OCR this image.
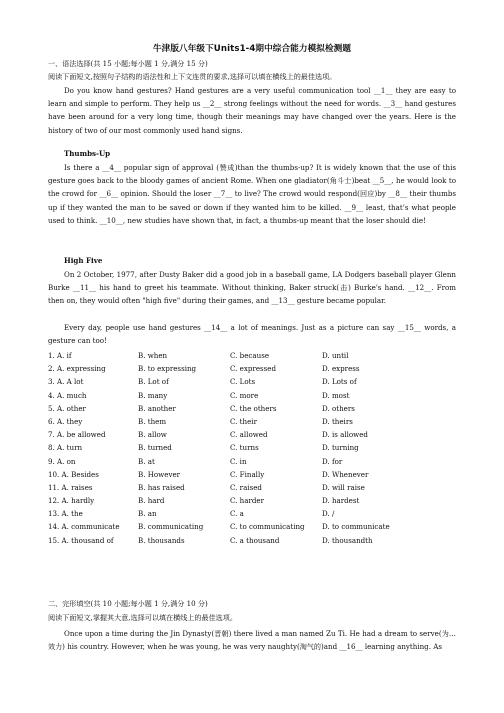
牛津版八年级下Units1-4期中综合能力模拟检测题
一、语法选择(共 15 小题;每小题 1 分,满分 15 分)
阅读下面短文,按照句子结构的语法性和上下文连贯的要求,选择可以填在横线上的最佳选项。

Do you know hand gestures? Hand gestures are a very useful communication tool __1__ they are easy to learn and simple to perform. They help us __2__ strong feelings without the need for words. __3__ hand gestures have been around for a very long time, though their meanings may have changed over the years. Here is the history of two of our most commonly used hand signs.

Thumbs-Up

Is there a __4__ popular sign of approval (赞成)than the thumbs-up? It is widely known that the use of this gesture goes back to the bloody games of ancient Rome. When one gladiator(角斗士)beat __5__, he would look to the crowd for __6__ opinion. Should the loser __7__ to live? The crowd would respond(回应)by __8__ their thumbs up if they wanted the man to be saved or down if they wanted him to be killed. __9__ least, that’s what people used to think. __10__, new studies have shown that, in fact, a thumbs-up meant that the loser should die!

High Five

On 2 October, 1977, after Dusty Baker did a good job in a baseball game, LA Dodgers baseball player Glenn Burke __11__ his hand to greet his teammate. Without thinking, Baker struck(击) Burke's hand. __12__. From then on, they would often "high five" during their games, and __13__ gesture became popular.

Every day, people use hand gestures __14__ a lot of meanings. Just as a picture can say __15__ words, a gesture can too!

1. A. if	B. when	C. because	D. until
2. A. expressing	B. to expressing	C. expressed	D. express
3. A. A lot	B. Lot of	C. Lots	D. Lots of
4. A. much	B. many	C. more	D. most
5. A. other	B. another	C. the others	D. others
6. A. they	B. them	C. their	D. theirs
7. A. be allowed	B. allow	C. allowed	D. is allowed
8. A. turn	B. turned	C. turns	D. turning
9. A. on	B. at	C. in	D. for
10. A. Besides	B. However	C. Finally	D. Whenever
11. A. raises	B. has raised	C. raised	D. will raise
12. A. hardly	B. hard	C. harder	D. hardest
13. A. the	B. an	C. a	D. /
14. A. communicate	B. communicating	C. to communicating D. to communicate
15. A. thousand of	B. thousands	C. a thousand	D. thousandth
二、完形填空(共 10 小题;每小题 1 分,满分 10 分)
阅读下面短文,掌握其大意,选择可以填在横线上的最佳选项。

Once upon a time during the Jin Dynasty(晋朝) there lived a man named Zu Ti. He had a dream to serve(为…效力) his country. However, when he was young, he was very naughty(淘气的)and __16__ learning anything. As
